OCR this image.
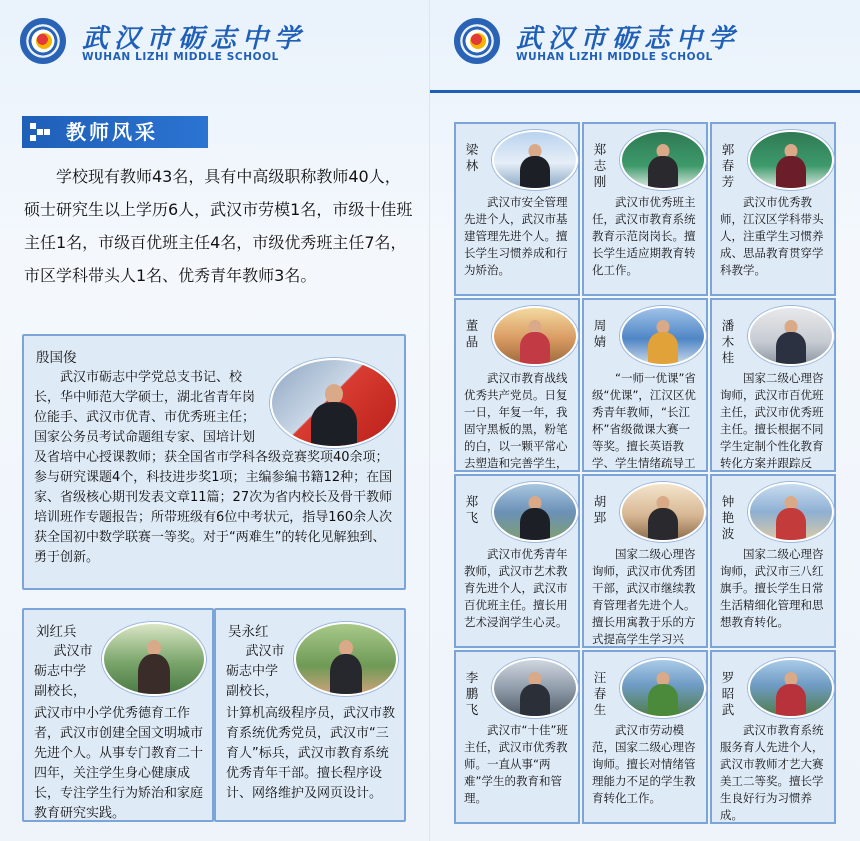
武汉市砺志中学
WUHAN LIZHI MIDDLE SCHOOL
教师风采

学校现有教师43名，具有中高级职称教师40人，硕士研究生以上学历6人，武汉市劳模1名，市级十佳班主任1名，市级百优班主任4名，市级优秀班主任7名，市区学科带头人1名、优秀青年教师3名。

殷国俊
武汉市砺志中学党总支书记、校长，华中师范大学硕士，湖北省青年岗位能手、武汉市优青、市优秀班主任；国家公务员考试命题组专家、国培计划及省培中心授课教师；获全国省市学科各级竞赛奖项40余项；参与研究课题4个，科技进步奖1项；主编参编书籍12种；在国家、省级核心期刊发表文章11篇；27次为省内校长及骨干教师培训班作专题报告；所带班级有6位中考状元，指导160余人次获全国初中数学联赛一等奖。对于“两难生”的转化见解独到、勇于创新。
刘红兵
武汉市砺志中学副校长，
武汉市中小学优秀德育工作者，武汉市创建全国文明城市先进个人。从事专门教育二十四年，关注学生身心健康成长，专注学生行为矫治和家庭教育研究实践。
吴永红
武汉市砺志中学副校长，
计算机高级程序员，武汉市教育系统优秀党员，武汉市“三育人”标兵，武汉市教育系统优秀青年干部。擅长程序设计、网络维护及网页设计。
武汉市砺志中学
WUHAN LIZHI MIDDLE SCHOOL
梁林
武汉市安全管理先进个人，武汉市基建管理先进个人。擅长学生习惯养成和行为矫治。
郑志刚
武汉市优秀班主任，武汉市教育系统教育示范岗岗长。擅长学生适应期教育转化工作。
郭春芳
武汉市优秀教师，江汉区学科带头人，注重学生习惯养成、思品教育贯穿学科教学。
董晶
武汉市教育战线优秀共产党员。日复一日，年复一年，我固守黑板的黑，粉笔的白，以一颗平常心去塑造和完善学生，
周婧
“一师一优课”省级“优课”，江汉区优秀青年教师，“长江杯”省级微课大赛一等奖。擅长英语教学、学生情绪疏导工
潘木桂
国家二级心理咨询师，武汉市百优班主任，武汉市优秀班主任。擅长根据不同学生定制个性化教育转化方案并跟踪反
郑飞
武汉市优秀青年教师，武汉市艺术教育先进个人，武汉市百优班主任。擅长用艺术浸润学生心灵。
胡郢
国家二级心理咨询师，武汉市优秀团干部，武汉市继续教育管理者先进个人。擅长用寓教于乐的方式提高学生学习兴
钟艳波
国家二级心理咨询师，武汉市三八红旗手。擅长学生日常生活精细化管理和思想教育转化。
李鹏飞
武汉市“十佳”班主任，武汉市优秀教师。一直从事“两难”学生的教育和管理。
汪春生
武汉市劳动模范，国家二级心理咨询师。擅长对情绪管理能力不足的学生教育转化工作。
罗昭武
武汉市教育系统服务育人先进个人，武汉市教师才艺大赛美工二等奖。擅长学生良好行为习惯养成。
